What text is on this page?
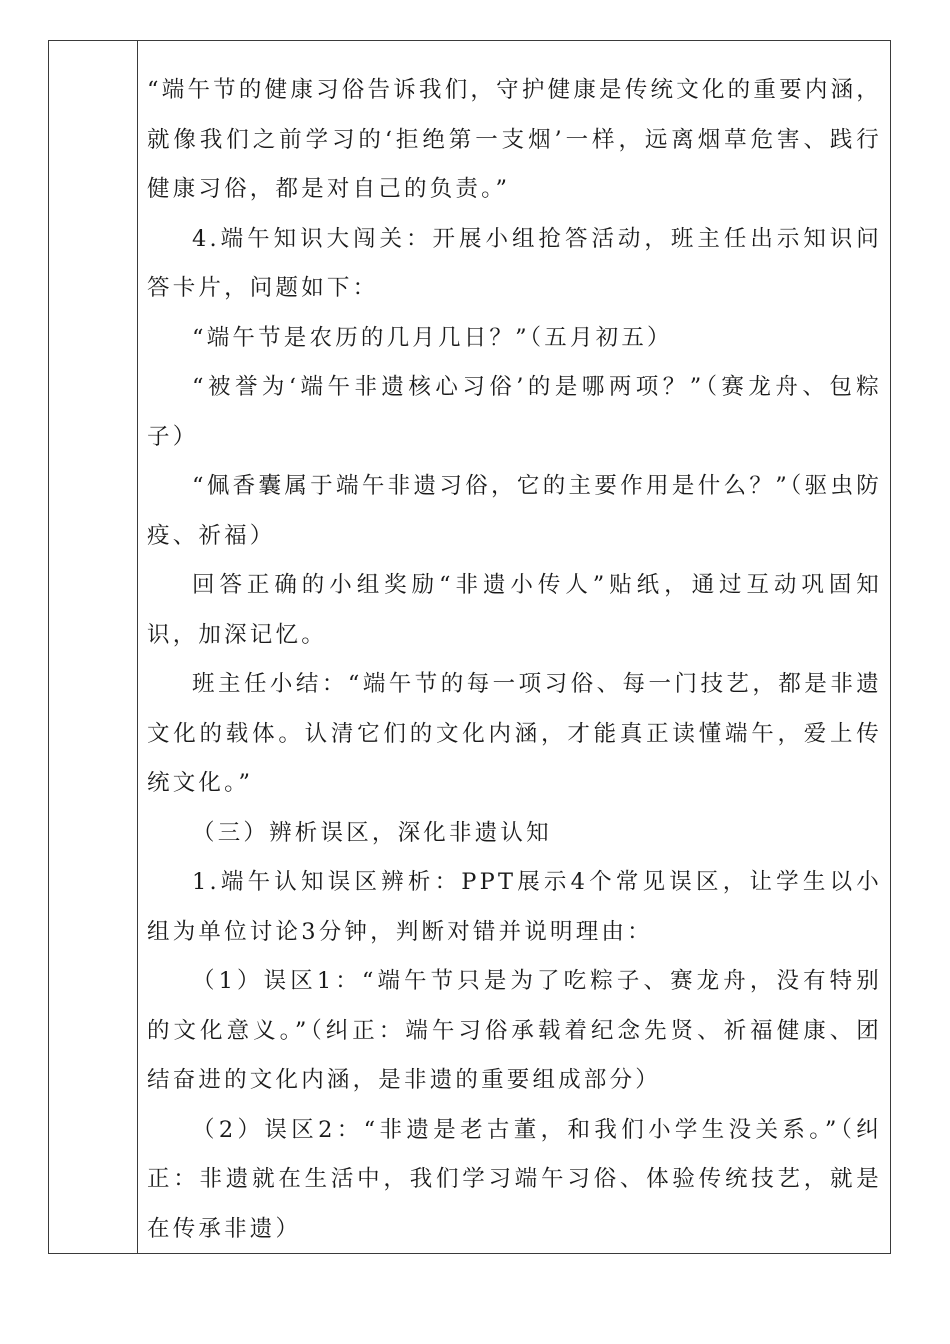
“端午节的健康习俗告诉我们，守护健康是传统文化的重要内涵，就像我们之前学习的‘拒绝第一支烟’一样，远离烟草危害、践行健康习俗，都是对自己的负责。”

4.端午知识大闯关：开展小组抢答活动，班主任出示知识问答卡片，问题如下：

“端午节是农历的几月几日？”（五月初五）

“被誉为‘端午非遗核心习俗’的是哪两项？”（赛龙舟、包粽子）

“佩香囊属于端午非遗习俗，它的主要作用是什么？”（驱虫防疫、祈福）

回答正确的小组奖励“非遗小传人”贴纸，通过互动巩固知识，加深记忆。

班主任小结：“端午节的每一项习俗、每一门技艺，都是非遗文化的载体。认清它们的文化内涵，才能真正读懂端午，爱上传统文化。”

（三）辨析误区，深化非遗认知

1.端午认知误区辨析：PPT展示4个常见误区，让学生以小组为单位讨论3分钟，判断对错并说明理由：

（1）误区1：“端午节只是为了吃粽子、赛龙舟，没有特别的文化意义。”（纠正：端午习俗承载着纪念先贤、祈福健康、团结奋进的文化内涵，是非遗的重要组成部分）

（2）误区2：“非遗是老古董，和我们小学生没关系。”（纠正：非遗就在生活中，我们学习端午习俗、体验传统技艺，就是在传承非遗）
